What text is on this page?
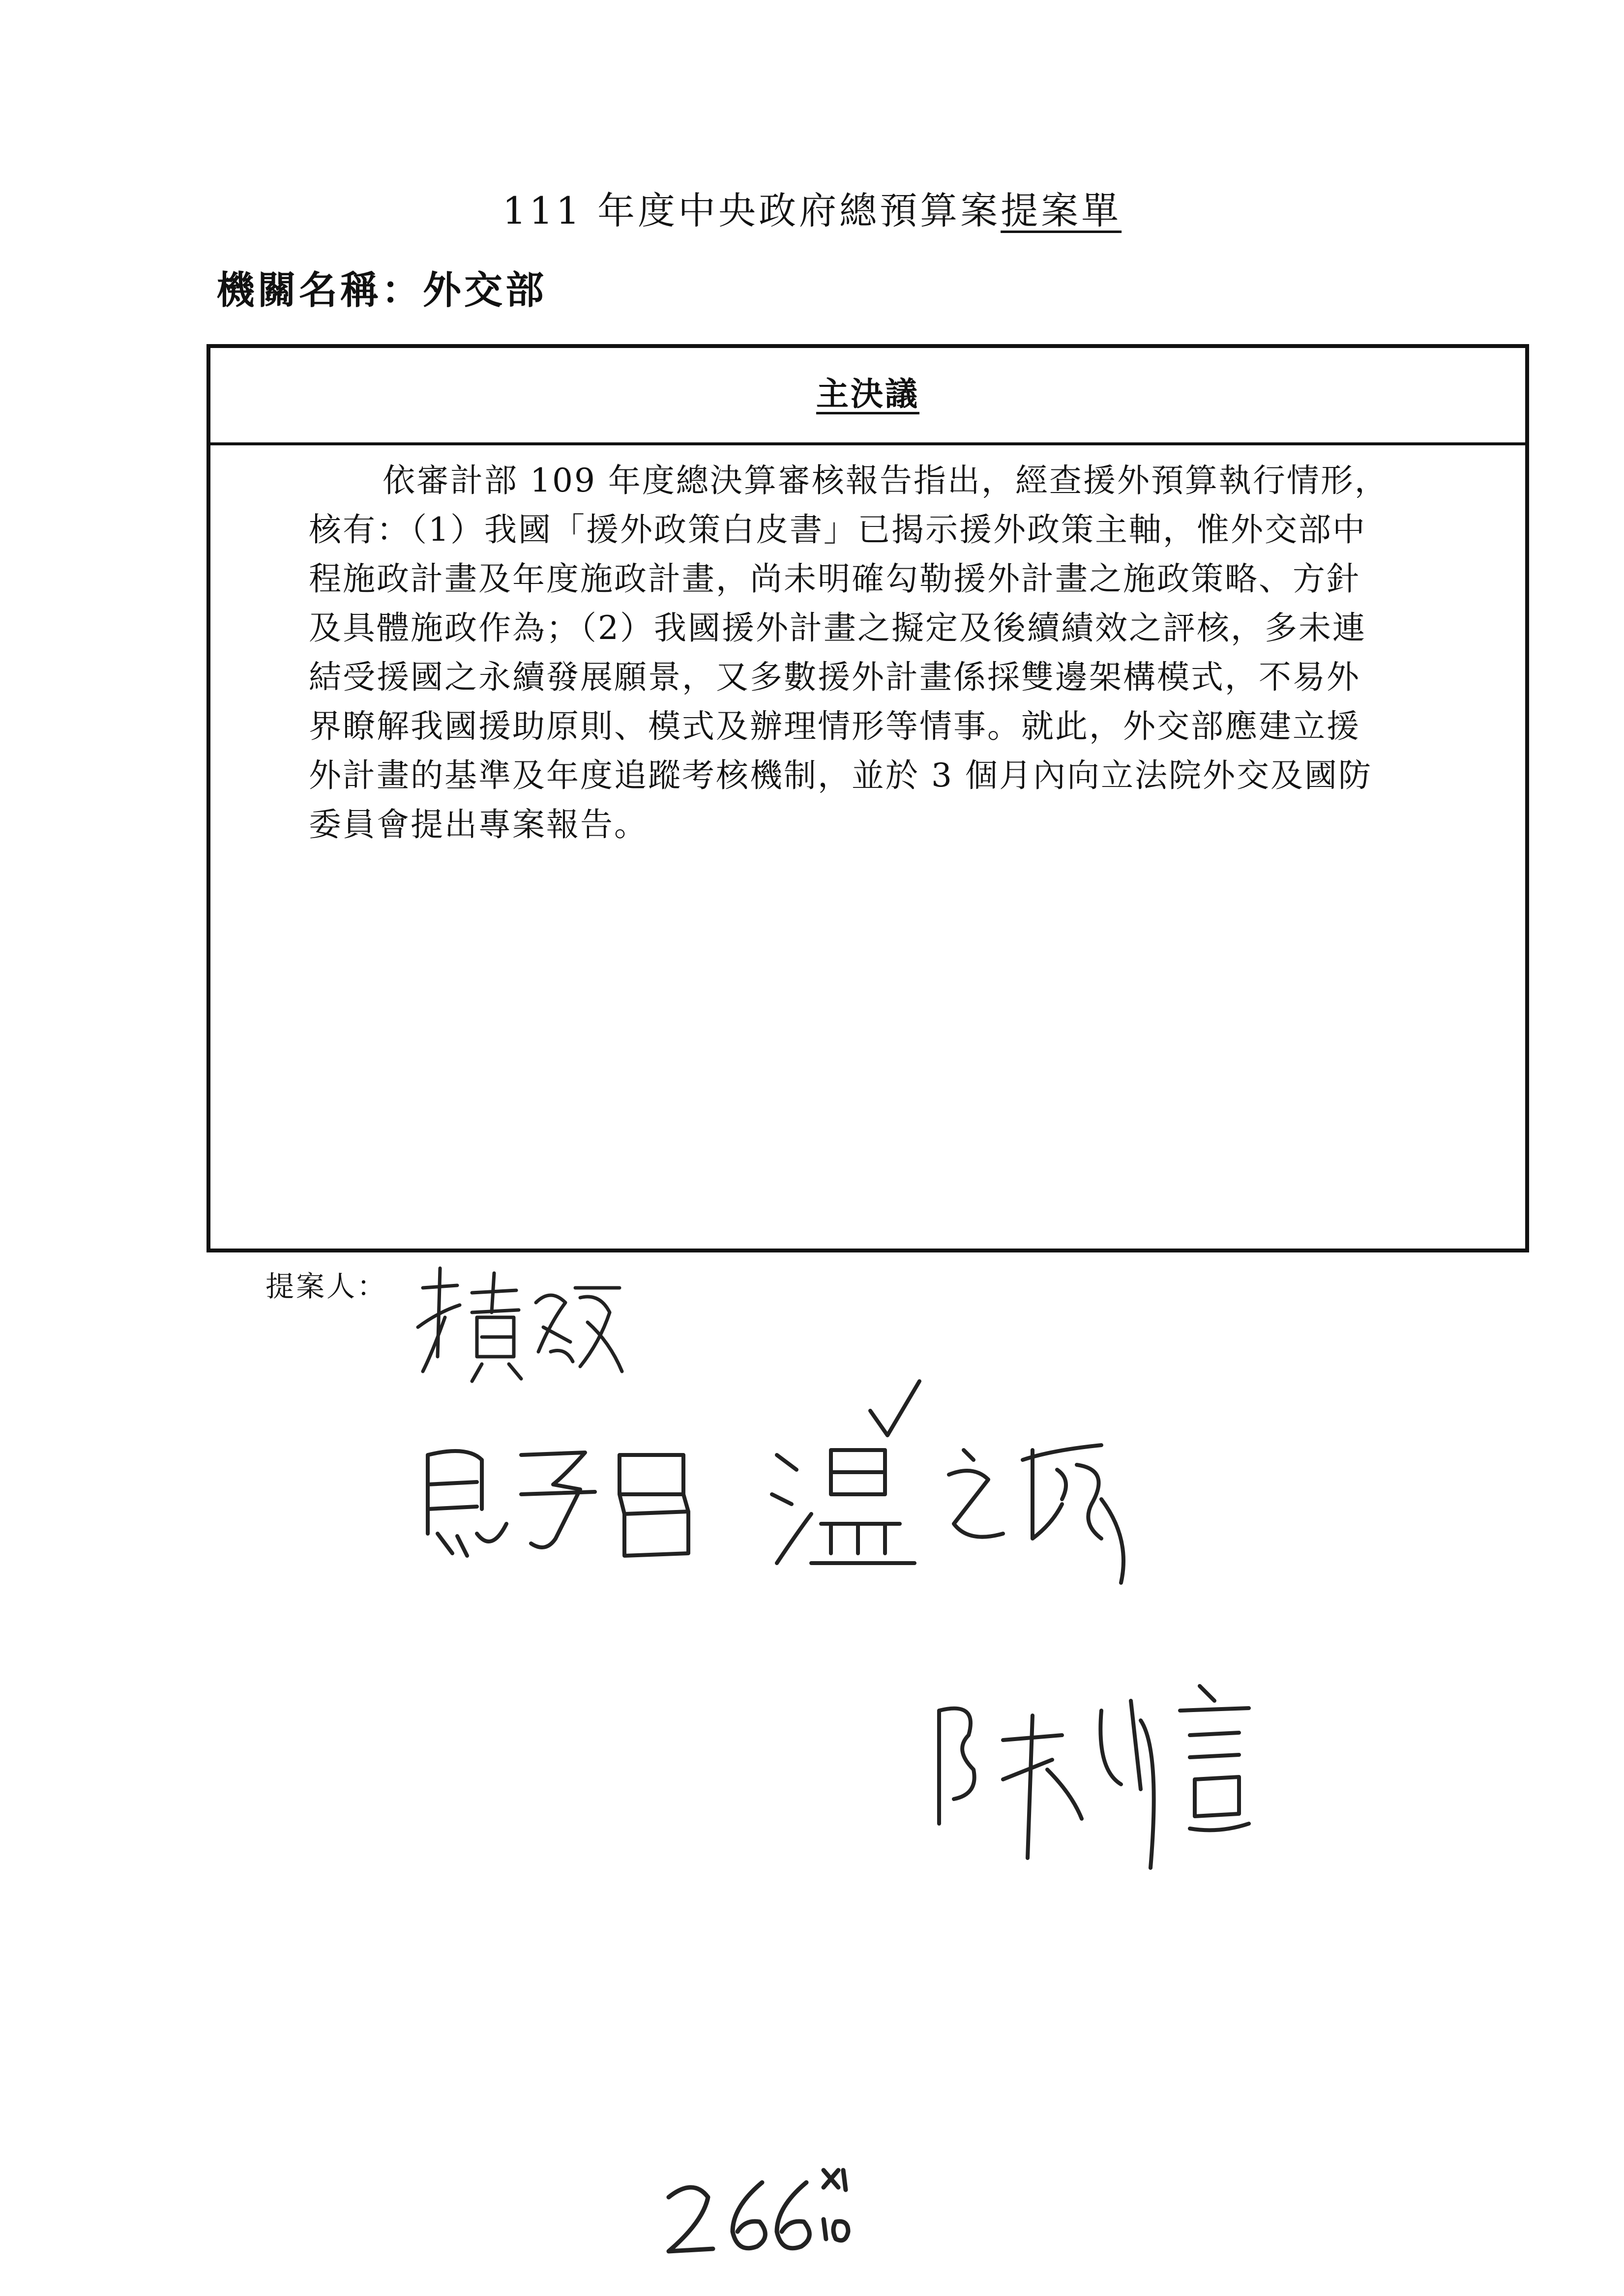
111 年度中央政府總預算案提案單
機關名稱：外交部
主決議
依審計部 109 年度總決算審核報告指出，經查援外預算執行情形，
核有：（1）我國「援外政策白皮書」已揭示援外政策主軸，惟外交部中
程施政計畫及年度施政計畫，尚未明確勾勒援外計畫之施政策略、方針
及具體施政作為；（2）我國援外計畫之擬定及後續績效之評核，多未連
結受援國之永續發展願景，又多數援外計畫係採雙邊架構模式，不易外
界瞭解我國援助原則、模式及辦理情形等情事。就此，外交部應建立援
外計畫的基準及年度追蹤考核機制，並於 3 個月內向立法院外交及國防
委員會提出專案報告。
提案人：
